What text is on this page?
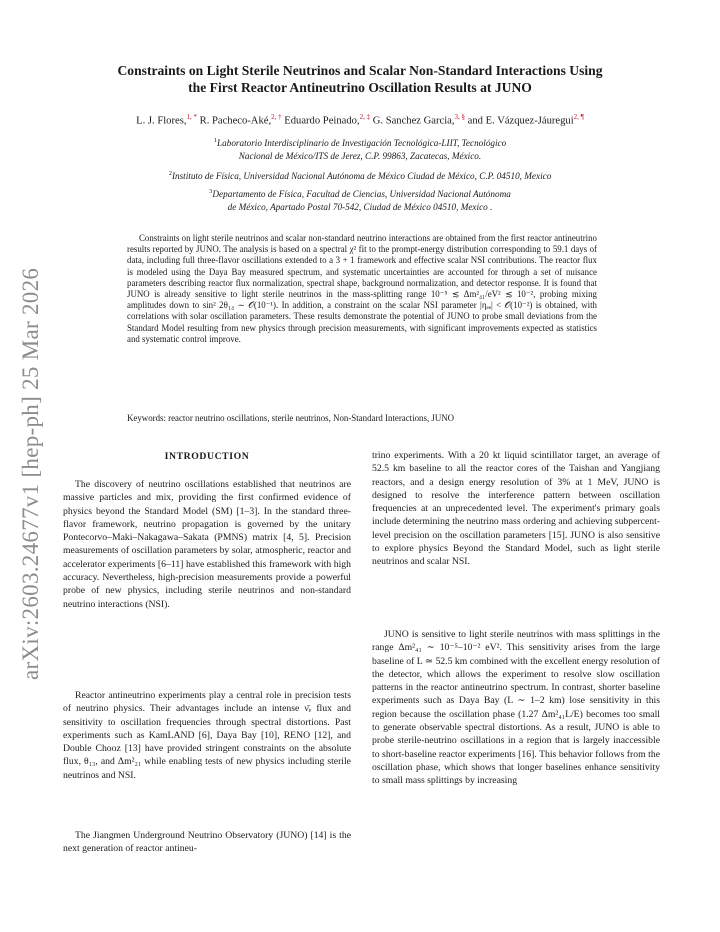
arXiv:2603.24677v1 [hep-ph] 25 Mar 2026
Constraints on Light Sterile Neutrinos and Scalar Non-Standard Interactions Using
the First Reactor Antineutrino Oscillation Results at JUNO
L. J. Flores,$^{1, *}$ R. Pacheco-Aké,$^{2, \dagger}$ Eduardo Peinado,$^{2, \ddagger}$ G. Sanchez Garcia,$^{3, \S}$ and E. Vázquez-Jáuregui$^{2, \P}$
$^1$Laboratorio Interdisciplinario de Investigación Tecnológica-LIIT, Tecnológico
Nacional de México/ITS de Jerez, C.P. 99863, Zacatecas, México.
$^2$Instituto de Física, Universidad Nacional Autónoma de México Ciudad de México, C.P. 04510, Mexico
$^3$Departamento de Física, Facultad de Ciencias, Universidad Nacional Autónoma
de México, Apartado Postal 70-542, Ciudad de México 04510, Mexico .

Constraints on light sterile neutrinos and scalar non-standard neutrino interactions are obtained from the first reactor antineutrino results reported by JUNO. The analysis is based on a spectral χ² fit to the prompt-energy distribution corresponding to 59.1 days of data, including full three-flavor oscillations extended to a 3 + 1 framework and effective scalar NSI contributions. The reactor flux is modeled using the Daya Bay measured spectrum, and systematic uncertainties are accounted for through a set of nuisance parameters describing reactor flux normalization, spectral shape, background normalization, and detector response. It is found that JUNO is already sensitive to light sterile neutrinos in the mass-splitting range 10⁻⁵ ≲ Δm²₄₁/eV² ≲ 10⁻², probing mixing amplitudes down to sin² 2θ₁₄ ∼ 𝒪(10⁻¹). In addition, a constraint on the scalar NSI parameter |ηₑₑ| < 𝒪(10⁻²) is obtained, with correlations with solar oscillation parameters. These results demonstrate the potential of JUNO to probe small deviations from the Standard Model resulting from new physics through precision measurements, with significant improvements expected as statistics and systematic control improve.

Keywords: reactor neutrino oscillations, sterile neutrinos, Non-Standard Interactions, JUNO
INTRODUCTION

The discovery of neutrino oscillations established that neutrinos are massive particles and mix, providing the first confirmed evidence of physics beyond the Standard Model (SM) [1–3]. In the standard three-flavor framework, neutrino propagation is governed by the unitary Pontecorvo–Maki–Nakagawa–Sakata (PMNS) matrix [4, 5]. Precision measurements of oscillation parameters by solar, atmospheric, reactor and accelerator experiments [6–11] have established this framework with high accuracy. Nevertheless, high-precision measurements provide a powerful probe of new physics, including sterile neutrinos and non-standard neutrino interactions (NSI).

Reactor antineutrino experiments play a central role in precision tests of neutrino physics. Their advantages include an intense ν̄ₑ flux and sensitivity to oscillation frequencies through spectral distortions. Past experiments such as KamLAND [6], Daya Bay [10], RENO [12], and Double Chooz [13] have provided stringent constraints on the absolute flux, θ₁₃, and Δm²₂₁ while enabling tests of new physics including sterile neutrinos and NSI.

The Jiangmen Underground Neutrino Observatory (JUNO) [14] is the next generation of reactor antineu-

trino experiments. With a 20 kt liquid scintillator target, an average of 52.5 km baseline to all the reactor cores of the Taishan and Yangjiang reactors, and a design energy resolution of 3% at 1 MeV, JUNO is designed to resolve the interference pattern between oscillation frequencies at an unprecedented level. The experiment's primary goals include determining the neutrino mass ordering and achieving subpercent-level precision on the oscillation parameters [15]. JUNO is also sensitive to explore physics Beyond the Standard Model, such as light sterile neutrinos and scalar NSI.

JUNO is sensitive to light sterile neutrinos with mass splittings in the range Δm²₄₁ ∼ 10⁻⁵–10⁻² eV². This sensitivity arises from the large baseline of L ≃ 52.5 km combined with the excellent energy resolution of the detector, which allows the experiment to resolve slow oscillation patterns in the reactor antineutrino spectrum. In contrast, shorter baseline experiments such as Daya Bay (L ∼ 1–2 km) lose sensitivity in this region because the oscillation phase (1.27 Δm²₄₁L/E) becomes too small to generate observable spectral distortions. As a result, JUNO is able to probe sterile-neutrino oscillations in a region that is largely inaccessible to short-baseline reactor experiments [16]. This behavior follows from the oscillation phase, which shows that longer baselines enhance sensitivity to small mass splittings by increasing
